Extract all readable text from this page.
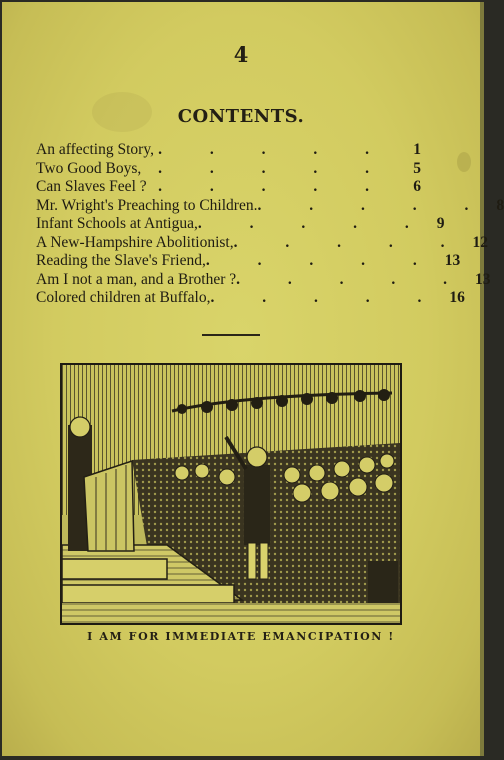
4
CONTENTS.
An affecting Story, . . . . .	1
Two Good Boys,	. . . . .	5
Can Slaves Feel ? . . . . .	6
Mr. Wright's Preaching to Children. . . . . . 8
Infant Schools at Antigua, . . . . . 9
A New-Hampshire Abolitionist, . . . . . 12
Reading the Slave's Friend, . . . . . 13
Am I not a man, and a Brother ? . . . . . 13
Colored children at Buffalo, . . . . . 16
I AM FOR IMMEDIATE EMANCIPATION !
